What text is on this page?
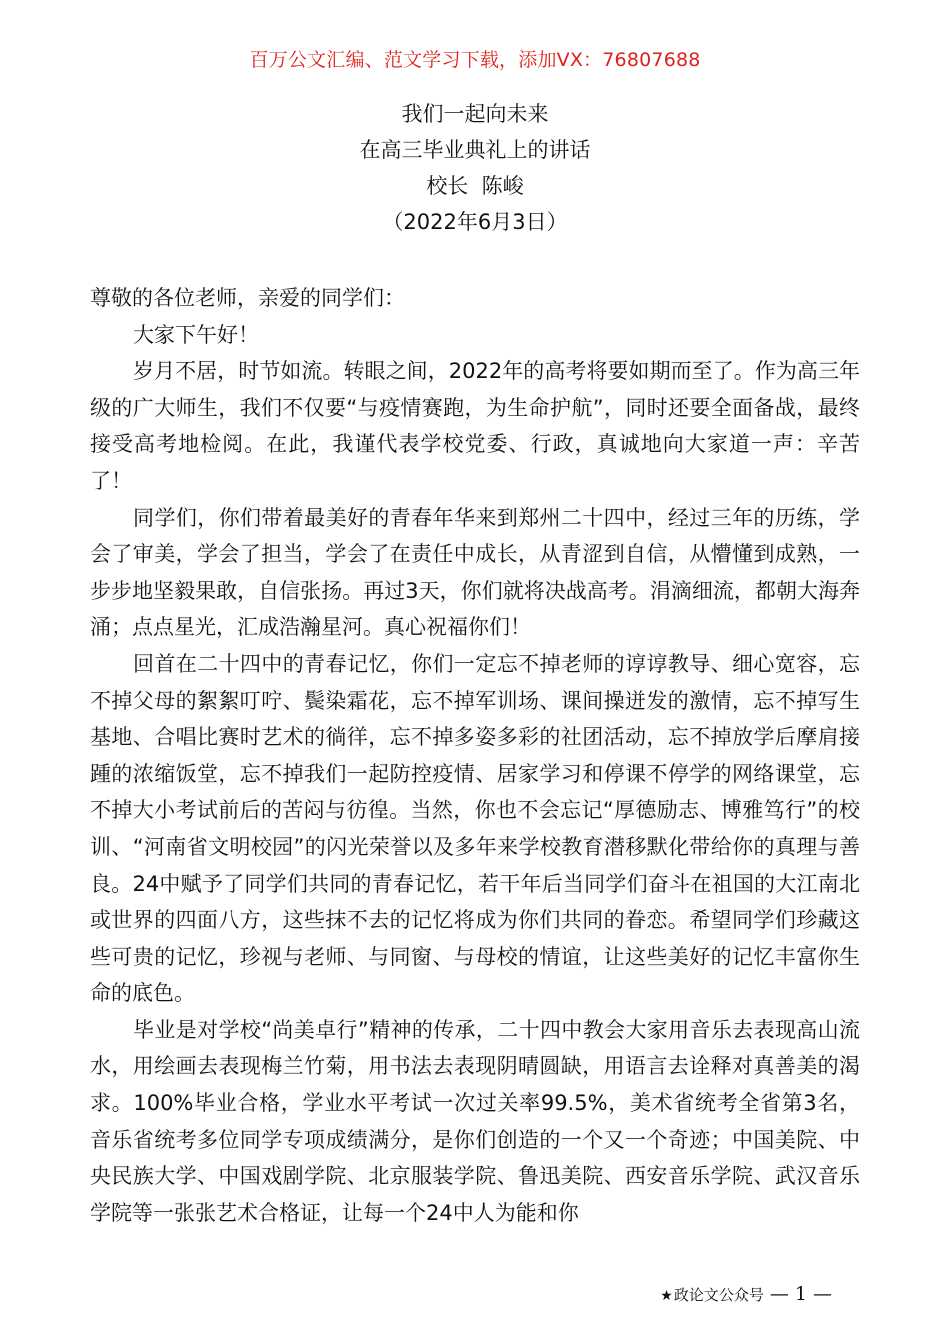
百万公文汇编、范文学习下载，添加VX：76807688
我们一起向未来
在高三毕业典礼上的讲话
校长  陈峻
（2022年6月3日）

尊敬的各位老师，亲爱的同学们：

大家下午好！

岁月不居，时节如流。转眼之间，2022年的高考将要如期而至了。作为高三年级的广大师生，我们不仅要“与疫情赛跑，为生命护航”，同时还要全面备战，最终接受高考地检阅。在此，我谨代表学校党委、行政，真诚地向大家道一声：辛苦了！

同学们，你们带着最美好的青春年华来到郑州二十四中，经过三年的历练，学会了审美，学会了担当，学会了在责任中成长，从青涩到自信，从懵懂到成熟，一步步地坚毅果敢，自信张扬。再过3天，你们就将决战高考。涓滴细流，都朝大海奔涌；点点星光，汇成浩瀚星河。真心祝福你们！

回首在二十四中的青春记忆，你们一定忘不掉老师的谆谆教导、细心宽容，忘不掉父母的絮絮叮咛、鬓染霜花，忘不掉军训场、课间操迸发的激情，忘不掉写生基地、合唱比赛时艺术的徜徉，忘不掉多姿多彩的社团活动，忘不掉放学后摩肩接踵的浓缩饭堂，忘不掉我们一起防控疫情、居家学习和停课不停学的网络课堂，忘不掉大小考试前后的苦闷与彷徨。当然，你也不会忘记“厚德励志、博雅笃行”的校训、“河南省文明校园”的闪光荣誉以及多年来学校教育潜移默化带给你的真理与善良。24中赋予了同学们共同的青春记忆，若干年后当同学们奋斗在祖国的大江南北或世界的四面八方，这些抹不去的记忆将成为你们共同的眷恋。希望同学们珍藏这些可贵的记忆，珍视与老师、与同窗、与母校的情谊，让这些美好的记忆丰富你生命的底色。

毕业是对学校“尚美卓行”精神的传承，二十四中教会大家用音乐去表现高山流水，用绘画去表现梅兰竹菊，用书法去表现阴晴圆缺，用语言去诠释对真善美的渴求。100%毕业合格，学业水平考试一次过关率99.5%，美术省统考全省第3名，音乐省统考多位同学专项成绩满分，是你们创造的一个又一个奇迹；中国美院、中央民族大学、中国戏剧学院、北京服装学院、鲁迅美院、西安音乐学院、武汉音乐学院等一张张艺术合格证，让每一个24中人为能和你

★政论文公众号 — 1 —
